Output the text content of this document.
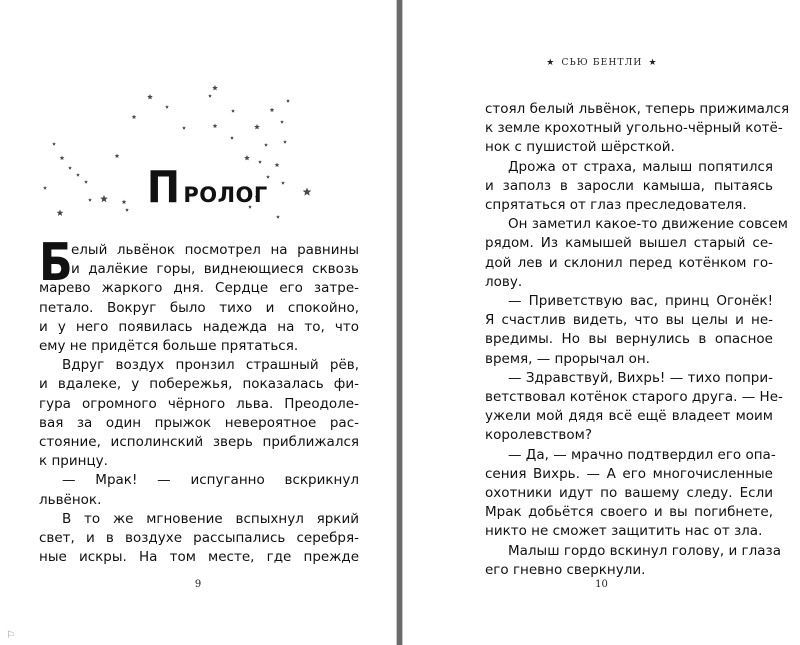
П РОЛОГ
Б
елый львёнок посмотрел на равнины
и далёкие горы, виднеющиеся сквозь
марево жаркого дня. Сердце его затре-
петало. Вокруг было тихо и спокойно,
и у него появилась надежда на то, что
ему не придётся больше прятаться.
Вдруг воздух пронзил страшный рёв,
и вдалеке, у побережья, показалась фи-
гура огромного чёрного льва. Преодоле-
вая за один прыжок невероятное рас-
стояние, исполинский зверь приближался
к принцу.
— Мрак! — испуганно вскрикнул
львёнок.
В то же мгновение вспыхнул яркий
свет, и в воздухе рассыпались серебря-
ные искры. На том месте, где прежде
9
⚐
★ СЬЮ БЕНТЛИ ★
стоял белый львёнок, теперь прижимался
к земле крохотный угольно-чёрный котё-
нок с пушистой шёрсткой.
Дрожа от страха, малыш попятился
и заполз в заросли камыша, пытаясь
спрятаться от глаз преследователя.
Он заметил какое-то движение совсем
рядом. Из камышей вышел старый се-
дой лев и склонил перед котёнком го-
лову.
— Приветствую вас, принц Огонёк!
Я счастлив видеть, что вы целы и не-
вредимы. Но вы вернулись в опасное
время, — прорычал он.
— Здравствуй, Вихрь! — тихо попри-
ветствовал котёнок старого друга. — Не-
ужели мой дядя всё ещё владеет моим
королевством?
— Да, — мрачно подтвердил его опа-
сения Вихрь. — А его многочисленные
охотники идут по вашему следу. Если
Мрак добьётся своего и вы погибнете,
никто не сможет защитить нас от зла.
Малыш гордо вскинул голову, и глаза
его гневно сверкнули.
10
